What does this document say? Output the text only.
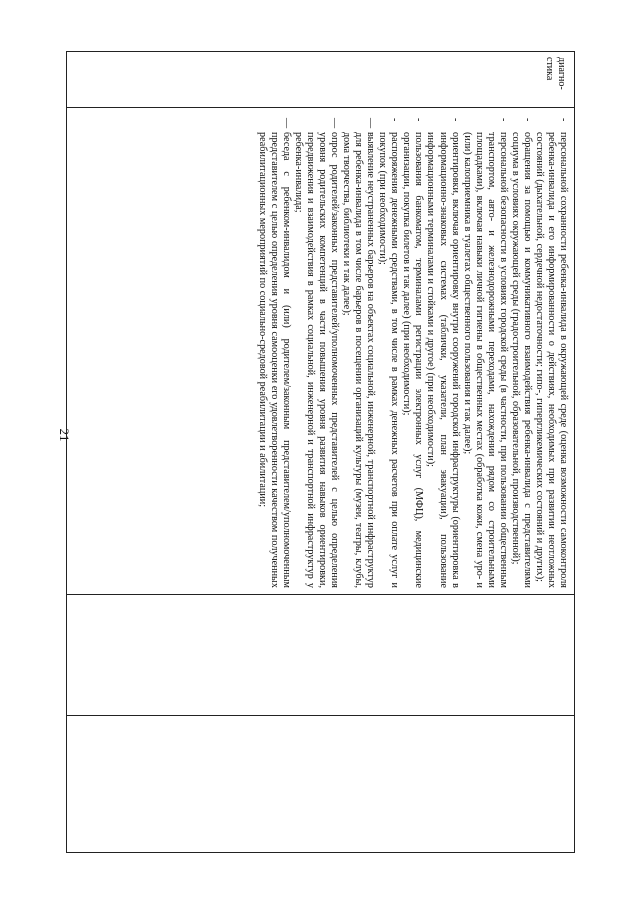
21
диагно-стика
-
персональной сохранности ребенка-инвалида в окружающей среде (оценка возможности самоконтроля ребенка-инвалида и его информированности о действиях, необходимых при развитии неотложных состояний (дыхательной, сердечной недостаточности; гипо-, гипергликемических состояний и других);
-
обращения за помощью и коммуникативного взаимодействия ребенка-инвалида с представителями социума в условиях окружающей среды (градостроительной, образовательной, производственной);
-
персональной безопасности в условиях городской среды (в частности, при пользовании общественным транспортом, авто- и железнодорожными переходами, нахождении рядом со строительными площадками), включая навыки личной гигиены в общественных местах (обработка кожи, смена уро- и (или) калоприемника в туалетах общественного пользования и так далее);
-
ориентировки, включая ориентировку внутри сооружений городской инфраструктуры (ориентировка в информационно-знаковых системах (таблички, указатели, план эвакуации), пользование информационными терминалами и стойками и другое) (при необходимости);
-
пользования банкоматом, терминалами регистрации электронных услуг (МФЦ), медицинские организации, покупка билетов и так далее) (при необходимости);
-
распоряжения денежными средствами, в том числе в рамках денежных расчетов при оплате услуг и покупок (при необходимости);
—
выявление неустраненных барьеров на объектах социальной, инженерной, транспортной инфраструктур для ребенка-инвалида в том числе барьеров в посещении организаций культуры (музеи, театры, клубы, дома творчества, библиотеки и так далее);
—
опрос родителей/законных представителей/уполномоченных представителей с целью определения уровня родительских компетенций в части повышения уровня развития навыков ориентировки, передвижения и взаимодействия в рамках социальной, инженерной и транспортной инфраструктур у ребенка-инвалида;
—
беседа с ребенком-инвалидом и (или) родителем/законным представителем/уполномоченным представителем с целью определения уровня самооценки его удовлетворенности качеством полученных реабилитационных мероприятий по социально-средовой реабилитации и абилитации;
